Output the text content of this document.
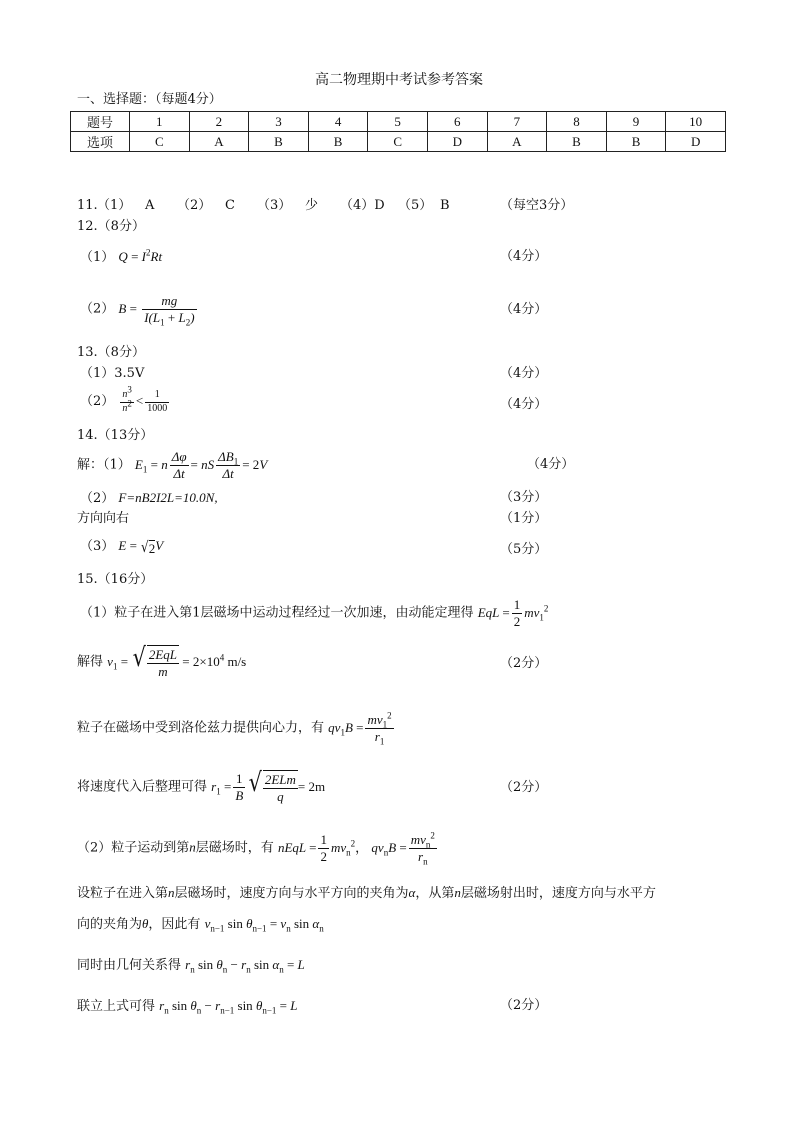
高二物理期中考试参考答案
一、选择题：（每题4分）
题号	1	2	3	4	5	6	7	8	9	10
选项	C	A	B	B	C	D	A	B	B	D
11. （1） A （2） C （3） 少 （4）D （5） B	（每空3分）
12.（8分）
（1） $Q = I^2Rt$	（4分）
（2） $B = \frac{mg}{I(L_1 + L_2)}$	（4分）
13.（8分）
（1）3.5V	（4分）
$(2) \frac{n^3}{n^2} < \frac{1}{1000}$	（4分）
14.（13分）
解：（1） $E_1 = n \frac{\Delta\varphi}{\Delta t}$ = nS $\frac{\Delta B_1}{\Delta t} = 2V$	（4分）
（2） F=nB2I2L=10.0N,	（3分）
方向向右	（1分）
（3） E = √ 2 V	（5分）
15.（16分）
（1）粒子在进入第1层磁场中运动过程经过一次加速，由动能定理得 EqL = $\frac{1}{2} mv_1^2$
解得 $v_1$ = √ $\frac{\text{2EqL}}{m} = 2\times 10^4$ m/s	（2分）
粒子在磁场中受到洛伦兹力提供向心力，有 $qv_1B = \frac{mv_1^2}{r_1}$
将速度代入后整理可得 $r_1 = \frac{1}{B}$ √ $\frac{\text{2ELm}}{q} = 2m$	（2分）
（2）粒子运动到第n层磁场时，有 nEqL = $\frac{1}{2} mv_n^2$， $qv_nB = \frac{mv_n^2}{r_n}$
设粒子在进入第n层磁场时，速度方向与水平方向的夹角为α，从第n层磁场射出时，速度方向与水平方
向的夹角为θ，因此有 $v_{n-1}$ $\sin \theta_{n-1} = v_n$ $\sin \alpha_n$
同时由几何关系得 $r_n$ $\sin \theta_n - r_n$ $\sin \alpha_n = L$
联立上式可得 $r_n$ $\sin \theta_n - r_{n-1}$ $\sin \theta_{n-1} = L$	（2分）
